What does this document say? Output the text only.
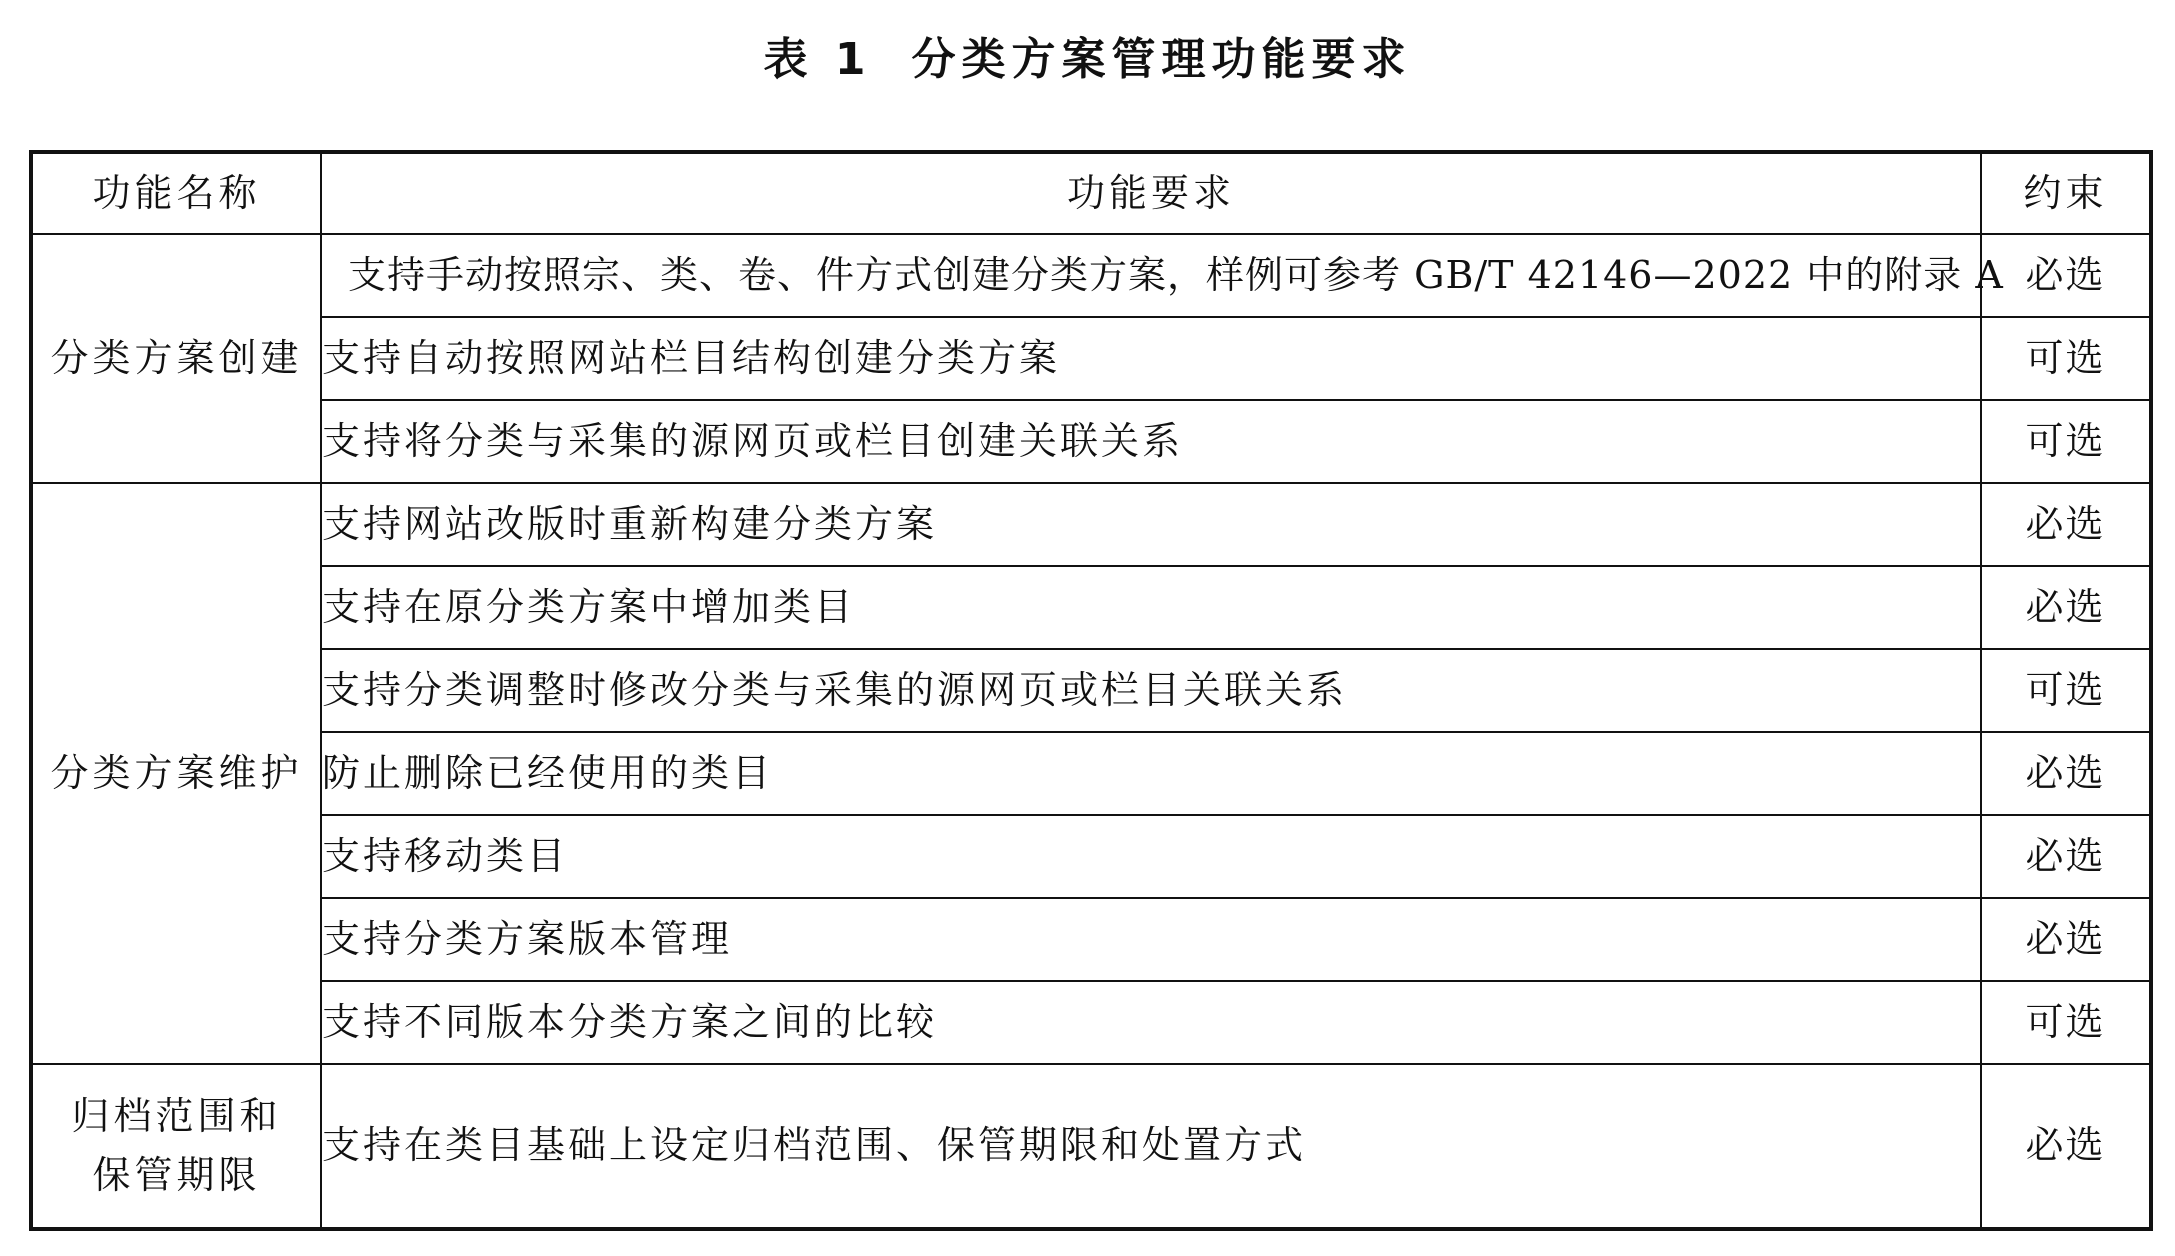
表 1 分类方案管理功能要求
功能名称	功能要求	约束
分类方案创建	支持手动按照宗、类、卷、件方式创建分类方案，样例可参考 GB/T 42146—2022 中的附录 A	必选
	支持自动按照网站栏目结构创建分类方案	可选
	支持将分类与采集的源网页或栏目创建关联关系	可选
分类方案维护	支持网站改版时重新构建分类方案	必选
	支持在原分类方案中增加类目	必选
	支持分类调整时修改分类与采集的源网页或栏目关联关系	可选
	防止删除已经使用的类目	必选
	支持移动类目	必选
	支持分类方案版本管理	必选
	支持不同版本分类方案之间的比较	可选
归档范围和
保管期限	支持在类目基础上设定归档范围、保管期限和处置方式	必选
